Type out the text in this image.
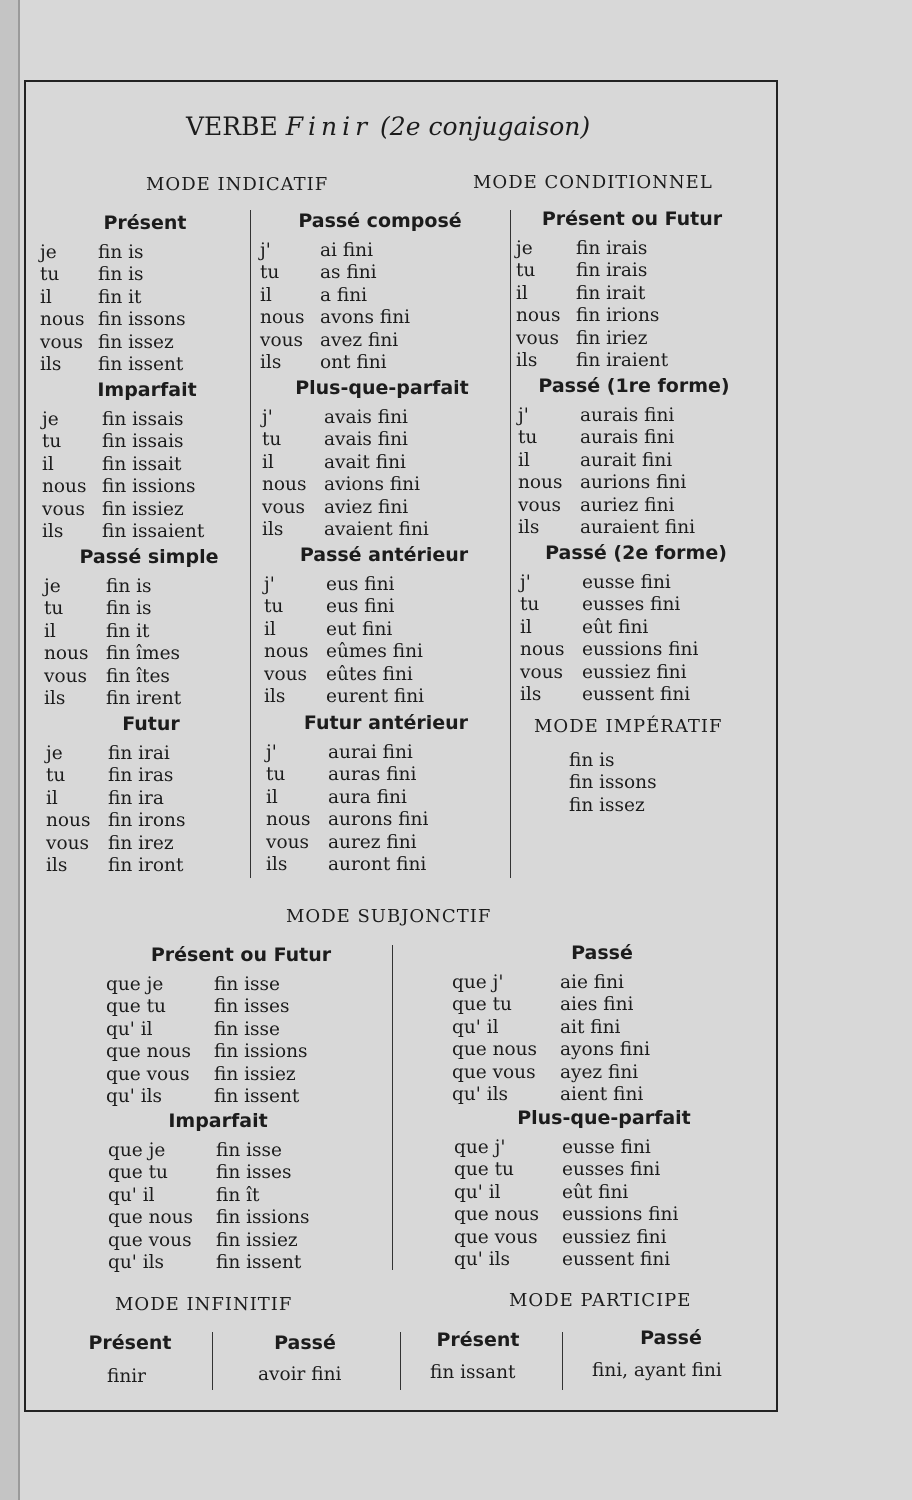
VERBE Finir (2e conjugaison)
MODE INDICATIF	MODE CONDITIONNEL
MODE IMPÉRATIF
MODE SUBJONCTIF
MODE INFINITIF	MODE PARTICIPE
Présent
je fin is
tu fin is
il fin it
nous fin issons
vous fin issez
ils fin issent
Imparfait
je fin issais
tu fin issais
il	fin issait
nous fin issions
vous fin issiez
ils fin issaient
Passé simple
je fin is
tu fin is
il	fin it
nous fin îmes
vous fin îtes
ils fin irent
Futur
je fin irai
tu fin iras
il	fin ira
nous fin irons
vous fin irez
ils fin iront
Passé composé
j'	ai fini
tu as fini
il	a fini
nous avons fini
vous avez fini
ils ont fini
Plus-que-parfait
j'	avais fini
tu avais fini
il	avait fini
nous avions fini
vous aviez fini
ils avaient fini
Passé antérieur
j'	eus fini
tu eus fini
il	eut fini
nous eûmes fini
vous eûtes fini
ils eurent fini
Futur antérieur
j'	aurai fini
tu auras fini
il	aura fini
nous aurons fini
vous aurez fini
ils auront fini
Présent ou Futur
je fin irais
tu fin irais
il	fin irait
nous fin irions
vous fin iriez
ils fin iraient
Passé (1re forme)
j'	aurais fini
tu aurais fini
il	aurait fini
nous aurions fini
vous auriez fini
ils auraient fini
Passé (2e forme)
j'	eusse fini
tu eusses fini
il	eût fini
nous eussions fini
vous eussiez fini
ils eussent fini
fin is
fin issons
fin issez
Présent ou Futur
que je	fin isse
que tu	fin isses
qu' il	fin isse
que nous fin issions
que vous fin issiez
qu' ils	fin issent
Imparfait
que je	fin isse
que tu	fin isses
qu' il	fin ît
que nous fin issions
que vous fin issiez
qu' ils	fin issent
Passé
que j'	aie fini
que tu	aies fini
qu' il	ait fini
que nous ayons fini
que vous ayez fini
qu' ils	aient fini
Plus-que-parfait
que j'	eusse fini
que tu	eusses fini
qu' il	eût fini
que nous eussions fini
que vous eussiez fini
qu' ils	eussent fini
Présent
finir
Passé
avoir fini
Présent
fin issant
Passé
fini, ayant fini
